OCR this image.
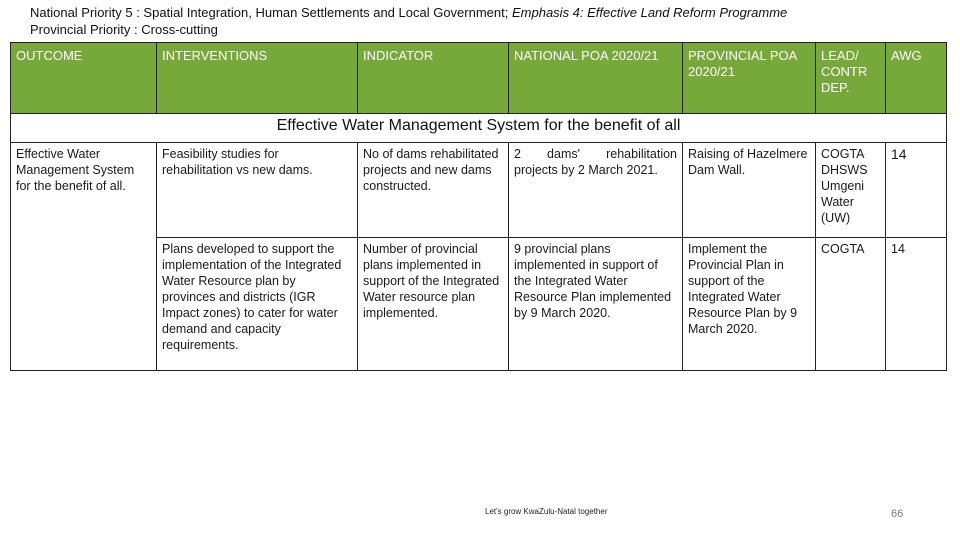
National Priority 5 : Spatial Integration, Human Settlements and Local Government; Emphasis 4: Effective Land Reform Programme
Provincial Priority : Cross-cutting
OUTCOME	INTERVENTIONS	INDICATOR	NATIONAL POA 2020/21	PROVINCIAL POA 2020/21	LEAD/ CONTR DEP.	AWG
Effective Water Management System for the benefit of all						
Effective Water Management System for the benefit of all.	Feasibility studies for rehabilitation vs new dams.	No of dams rehabilitated projects and new dams constructed.	2 dams' rehabilitation projects by 2 March 2021.	Raising of Hazelmere Dam Wall.	COGTA DHSWS Umgeni Water (UW)	14
	Plans developed to support the implementation of the Integrated Water Resource plan by provinces and districts (IGR Impact zones) to cater for water demand and capacity requirements.	Number of provincial plans implemented in support of the Integrated Water resource plan implemented.	9 provincial plans implemented in support of the Integrated Water Resource Plan implemented by 9 March 2020.	Implement the Provincial Plan in support of the Integrated Water Resource Plan by 9 March 2020.	COGTA	14
Let's grow KwaZulu-Natal together	66
